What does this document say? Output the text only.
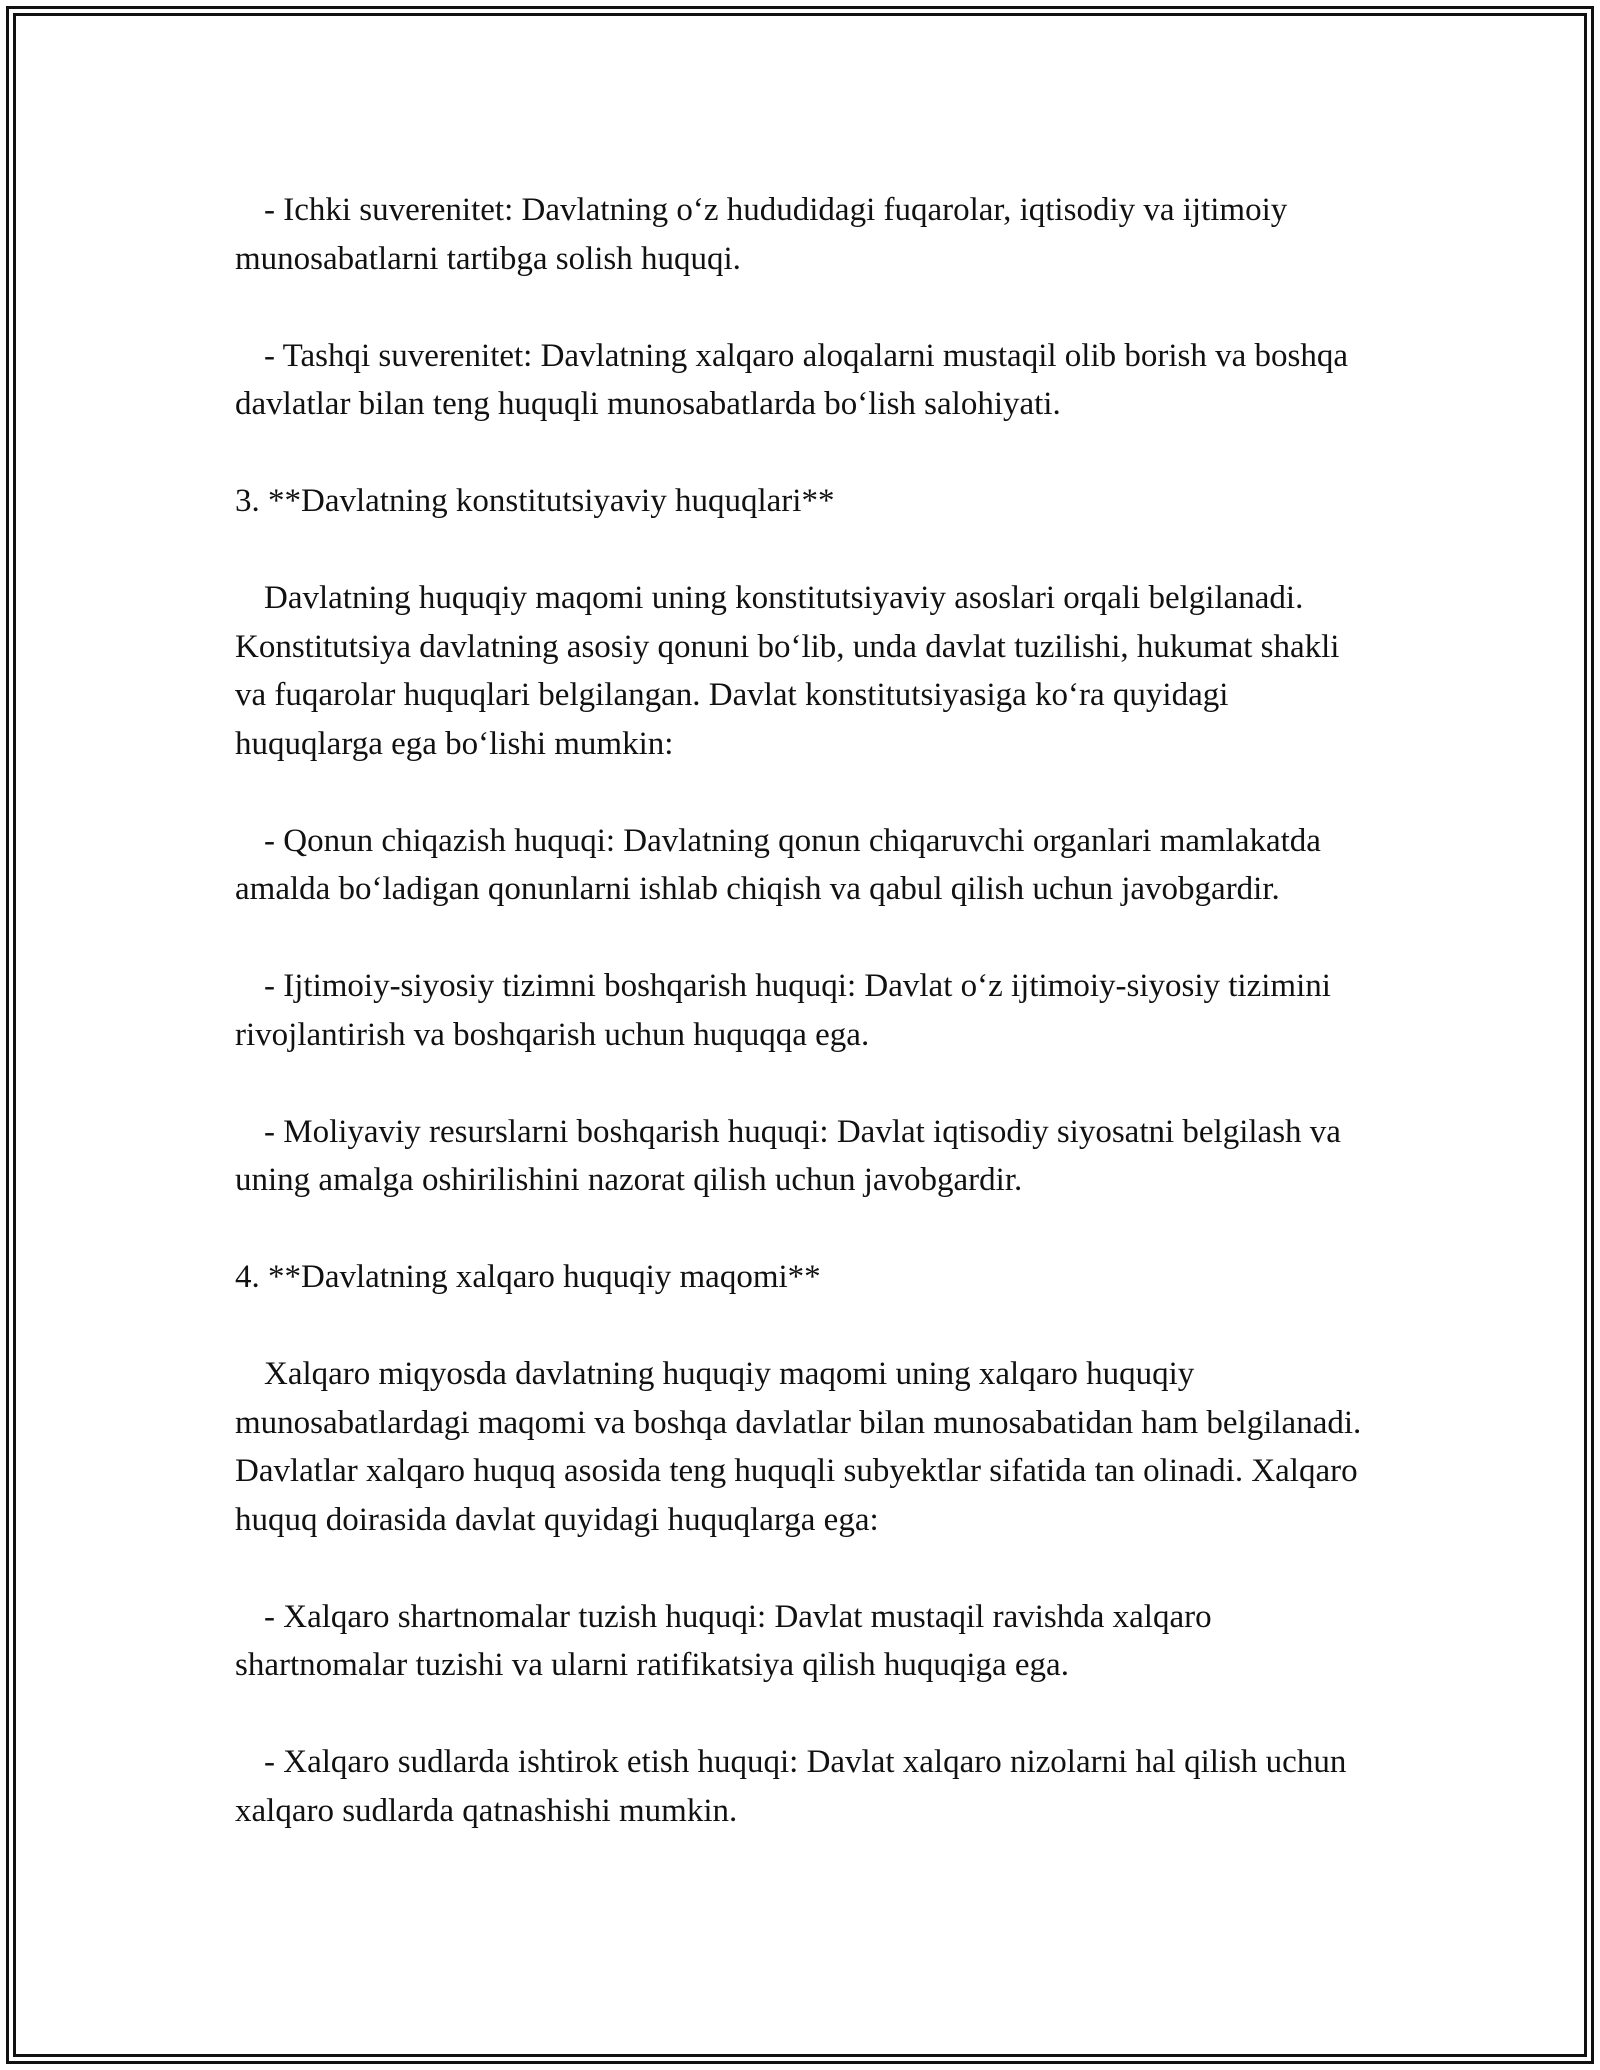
- Ichki suverenitet: Davlatning o‘z hududidagi fuqarolar, iqtisodiy va ijtimoiy munosabatlarni tartibga solish huquqi.

- Tashqi suverenitet: Davlatning xalqaro aloqalarni mustaqil olib borish va boshqa davlatlar bilan teng huquqli munosabatlarda bo‘lish salohiyati.

3. **Davlatning konstitutsiyaviy huquqlari**

Davlatning huquqiy maqomi uning konstitutsiyaviy asoslari orqali belgilanadi. Konstitutsiya davlatning asosiy qonuni bo‘lib, unda davlat tuzilishi, hukumat shakli va fuqarolar huquqlari belgilangan. Davlat konstitutsiyasiga ko‘ra quyidagi huquqlarga ega bo‘lishi mumkin:

- Qonun chiqazish huquqi: Davlatning qonun chiqaruvchi organlari mamlakatda amalda bo‘ladigan qonunlarni ishlab chiqish va qabul qilish uchun javobgardir.

- Ijtimoiy-siyosiy tizimni boshqarish huquqi: Davlat o‘z ijtimoiy-siyosiy tizimini rivojlantirish va boshqarish uchun huquqqa ega.

- Moliyaviy resurslarni boshqarish huquqi: Davlat iqtisodiy siyosatni belgilash va uning amalga oshirilishini nazorat qilish uchun javobgardir.

4. **Davlatning xalqaro huquqiy maqomi**

Xalqaro miqyosda davlatning huquqiy maqomi uning xalqaro huquqiy munosabatlardagi maqomi va boshqa davlatlar bilan munosabatidan ham belgilanadi. Davlatlar xalqaro huquq asosida teng huquqli subyektlar sifatida tan olinadi. Xalqaro huquq doirasida davlat quyidagi huquqlarga ega:

- Xalqaro shartnomalar tuzish huquqi: Davlat mustaqil ravishda xalqaro shartnomalar tuzishi va ularni ratifikatsiya qilish huquqiga ega.

- Xalqaro sudlarda ishtirok etish huquqi: Davlat xalqaro nizolarni hal qilish uchun xalqaro sudlarda qatnashishi mumkin.
